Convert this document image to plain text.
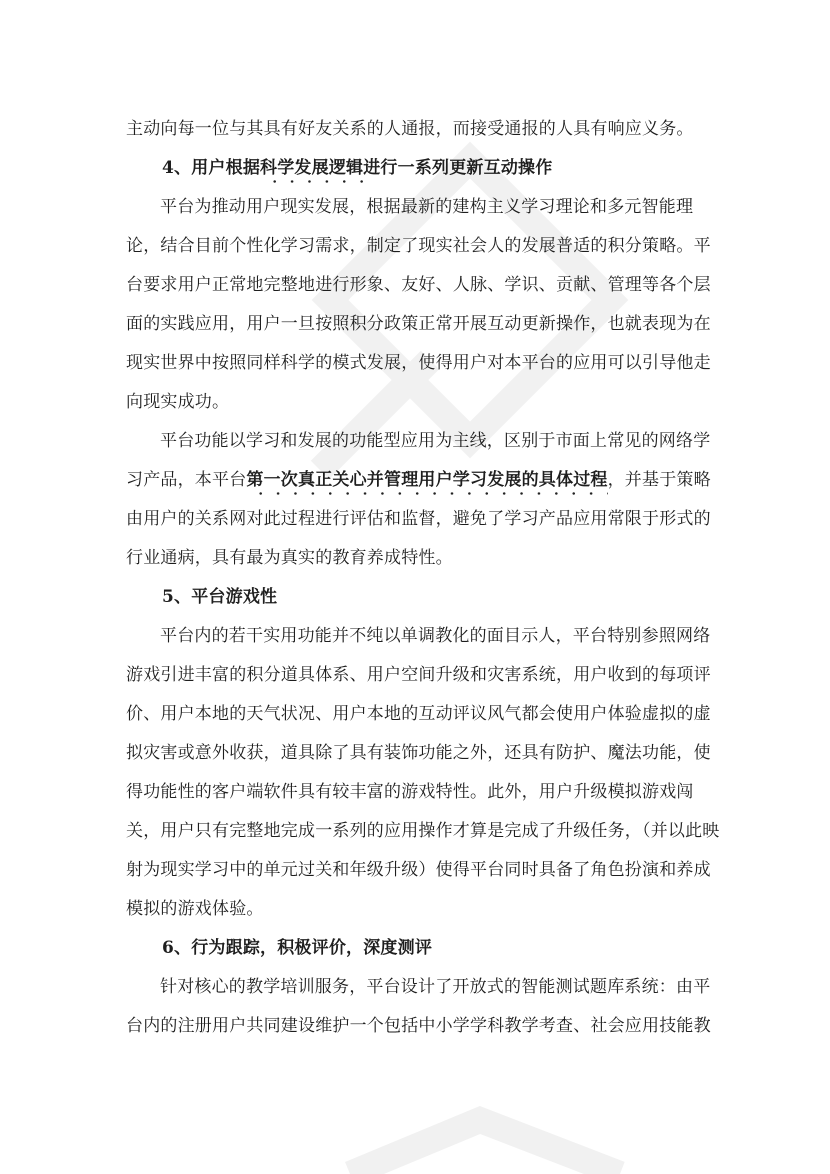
主动向每一位与其具有好友关系的人通报，而接受通报的人具有响应义务。
4、用户根据科学发展逻辑进行一系列更新互动操作
平台为推动用户现实发展，根据最新的建构主义学习理论和多元智能理
论，结合目前个性化学习需求，制定了现实社会人的发展普适的积分策略。平
台要求用户正常地完整地进行形象、友好、人脉、学识、贡献、管理等各个层
面的实践应用，用户一旦按照积分政策正常开展互动更新操作，也就表现为在
现实世界中按照同样科学的模式发展，使得用户对本平台的应用可以引导他走
向现实成功。
平台功能以学习和发展的功能型应用为主线，区别于市面上常见的网络学
习产品，本平台第一次真正关心并管理用户学习发展的具体过程，并基于策略
由用户的关系网对此过程进行评估和监督，避免了学习产品应用常限于形式的
行业通病，具有最为真实的教育养成特性。
5、平台游戏性
平台内的若干实用功能并不纯以单调教化的面目示人，平台特别参照网络
游戏引进丰富的积分道具体系、用户空间升级和灾害系统，用户收到的每项评
价、用户本地的天气状况、用户本地的互动评议风气都会使用户体验虚拟的虚
拟灾害或意外收获，道具除了具有装饰功能之外，还具有防护、魔法功能，使
得功能性的客户端软件具有较丰富的游戏特性。此外，用户升级模拟游戏闯
关，用户只有完整地完成一系列的应用操作才算是完成了升级任务，（并以此映
射为现实学习中的单元过关和年级升级）使得平台同时具备了角色扮演和养成
模拟的游戏体验。
6、行为跟踪，积极评价，深度测评
针对核心的教学培训服务，平台设计了开放式的智能测试题库系统：由平
台内的注册用户共同建设维护一个包括中小学学科教学考查、社会应用技能教
